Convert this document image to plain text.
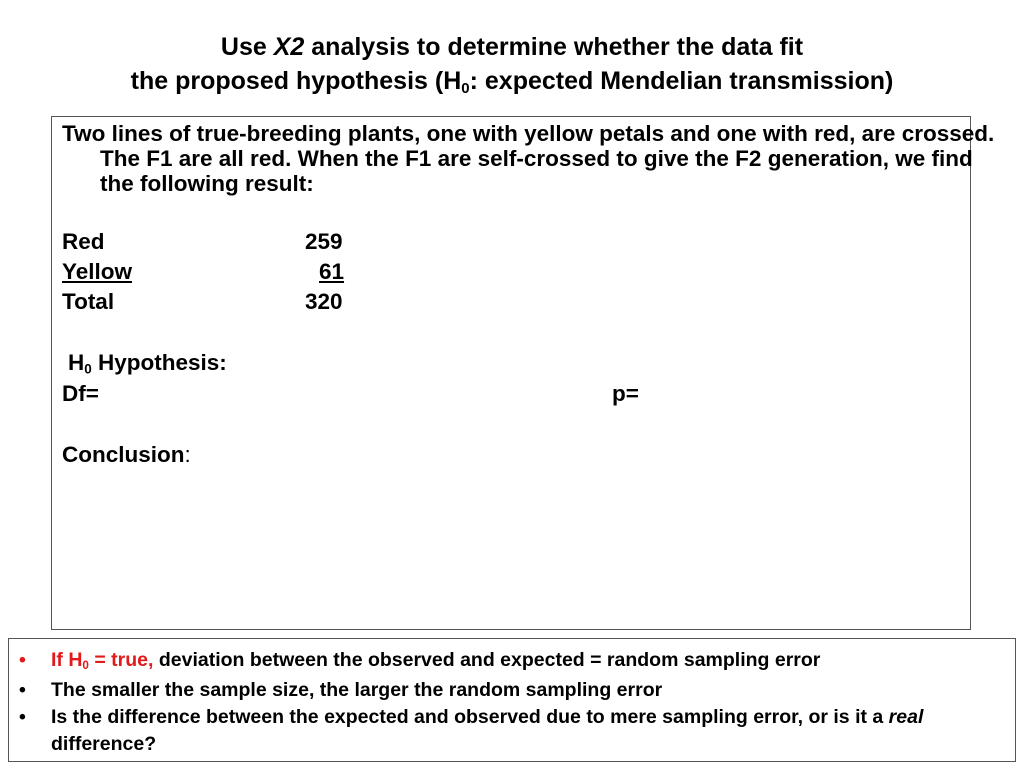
Use X2 analysis to determine whether the data fit
the proposed hypothesis ($H_0$: expected Mendelian transmission)
Two lines of true-breeding plants, one with yellow petals and one with red, are crossed. The F1 are all red. When the F1 are self-crossed to give the F2 generation, we find the following result:
Red	259
Yellow	61
Total	320
$H_0$ Hypothesis:
Df=	p=
Conclusion:
•	If $H_0$ = true, deviation between the observed and expected = random sampling error
•	The smaller the sample size, the larger the random sampling error
•	Is the difference between the expected and observed due to mere sampling error, or is it a real difference?
